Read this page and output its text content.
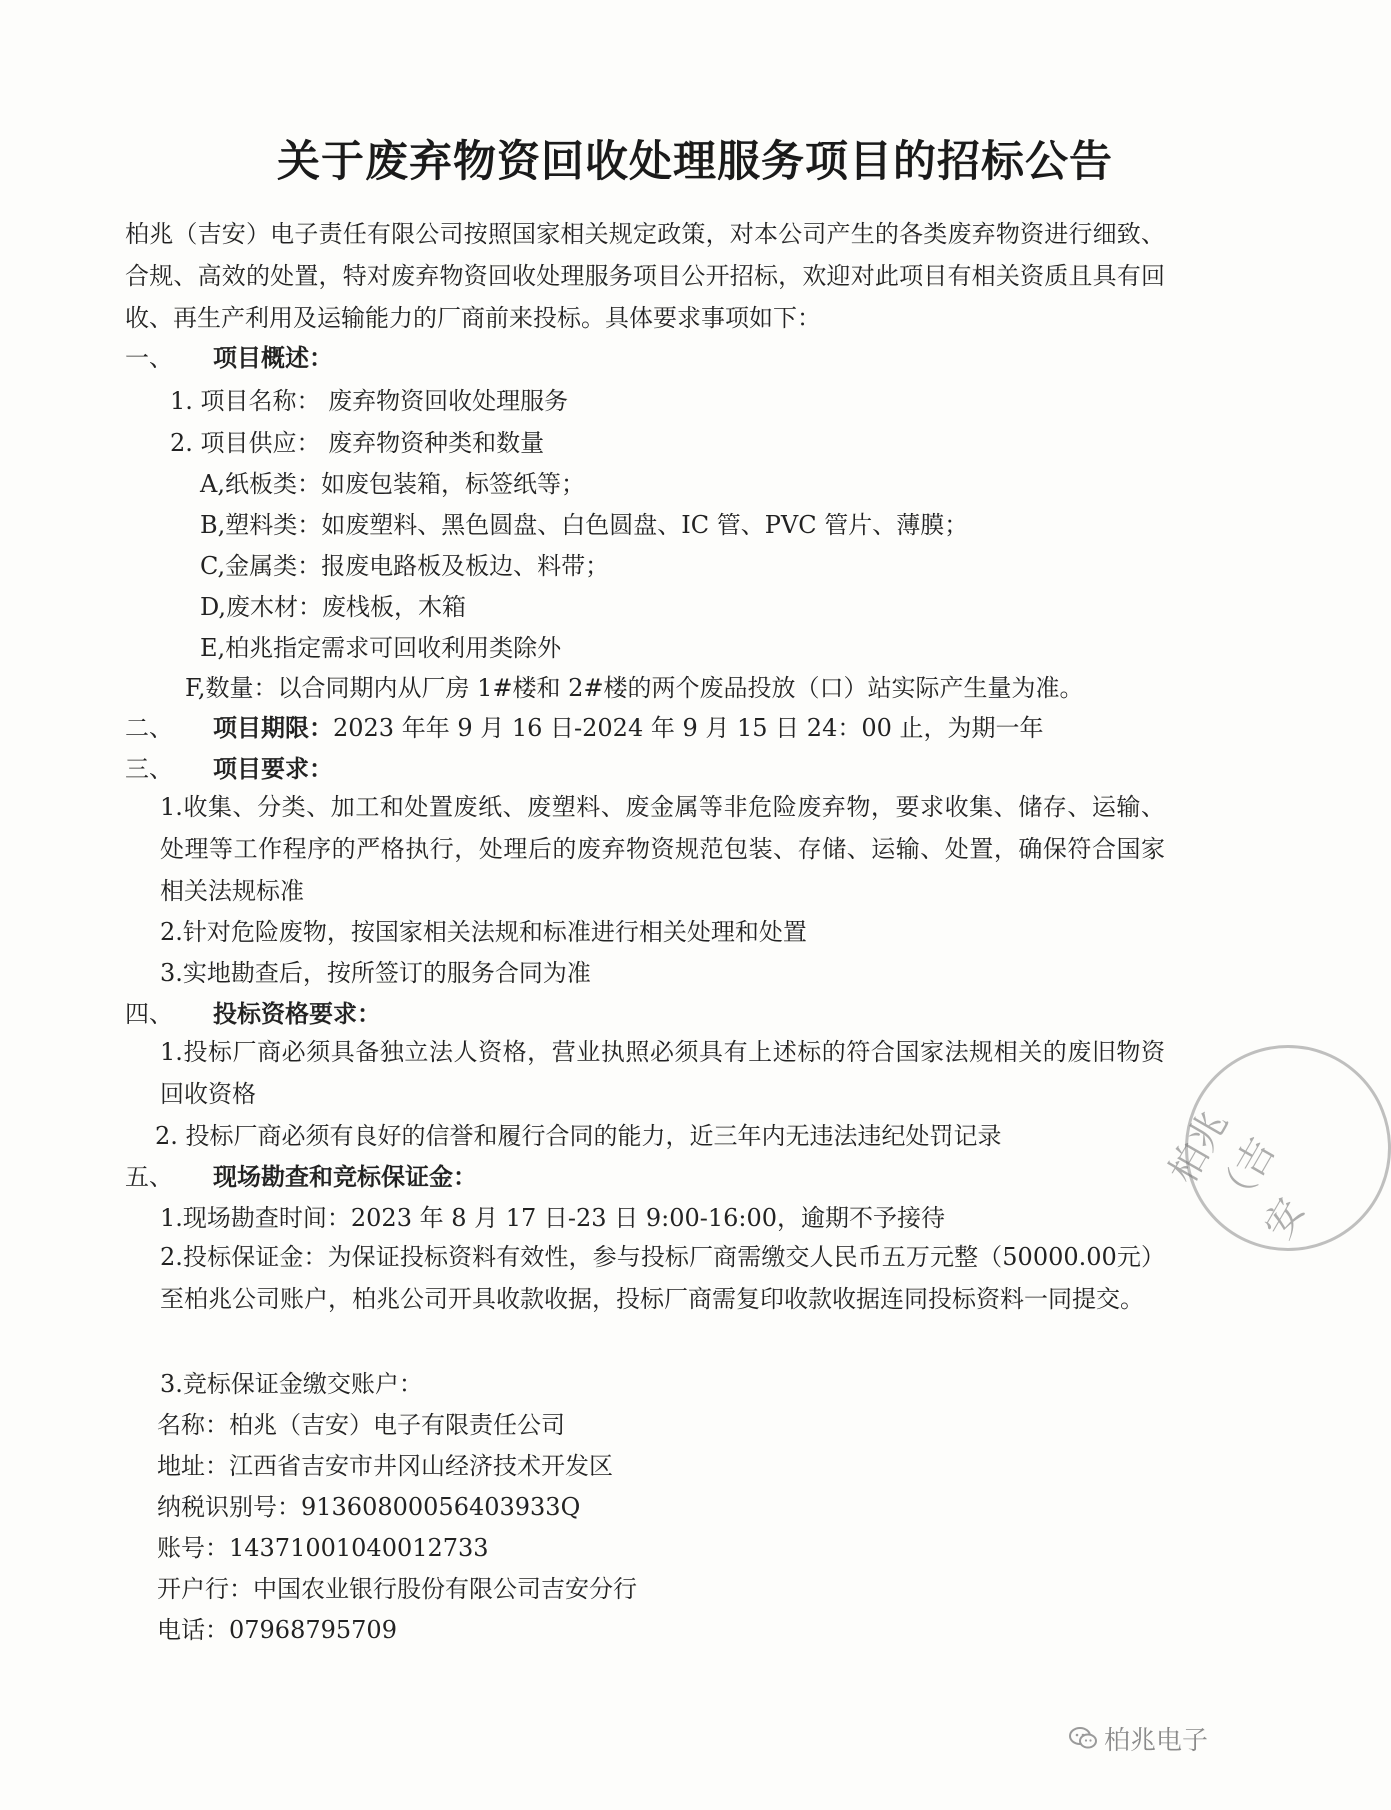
关于废弃物资回收处理服务项目的招标公告
柏兆（吉安）电子责任有限公司按照国家相关规定政策，对本公司产生的各类废弃物资进行细致、合规、高效的处置，特对废弃物资回收处理服务项目公开招标，欢迎对此项目有相关资质且具有回收、再生产利用及运输能力的厂商前来投标。具体要求事项如下：
一、 项目概述：
1. 项目名称： 废弃物资回收处理服务
2. 项目供应： 废弃物资种类和数量
A,纸板类：如废包装箱，标签纸等；
B,塑料类：如废塑料、黑色圆盘、白色圆盘、IC 管、PVC 管片、薄膜；
C,金属类：报废电路板及板边、料带；
D,废木材：废栈板，木箱
E,柏兆指定需求可回收利用类除外
F,数量：以合同期内从厂房 1#楼和 2#楼的两个废品投放（口）站实际产生量为准。
二、 项目期限：2023 年年 9 月 16 日-2024 年 9 月 15 日 24：00 止，为期一年
三、 项目要求：
1.收集、分类、加工和处置废纸、废塑料、废金属等非危险废弃物，要求收集、储存、运输、处理等工作程序的严格执行，处理后的废弃物资规范包装、存储、运输、处置，确保符合国家相关法规标准
2.针对危险废物，按国家相关法规和标准进行相关处理和处置
3.实地勘查后，按所签订的服务合同为准
四、 投标资格要求：
1.投标厂商必须具备独立法人资格，营业执照必须具有上述标的符合国家法规相关的废旧物资回收资格
2. 投标厂商必须有良好的信誉和履行合同的能力，近三年内无违法违纪处罚记录
五、 现场勘查和竞标保证金：
1.现场勘查时间：2023 年 8 月 17 日-23 日 9:00-16:00，逾期不予接待
2.投标保证金：为保证投标资料有效性，参与投标厂商需缴交人民币五万元整（50000.00元）至柏兆公司账户，柏兆公司开具收款收据，投标厂商需复印收款收据连同投标资料一同提交。
3.竞标保证金缴交账户：
名称：柏兆（吉安）电子有限责任公司
地址：江西省吉安市井冈山经济技术开发区
纳税识别号：91360800056403933Q
账号：14371001040012733
开户行：中国农业银行股份有限公司吉安分行
电话：07968795709
柏兆（吉安
柏兆电子
